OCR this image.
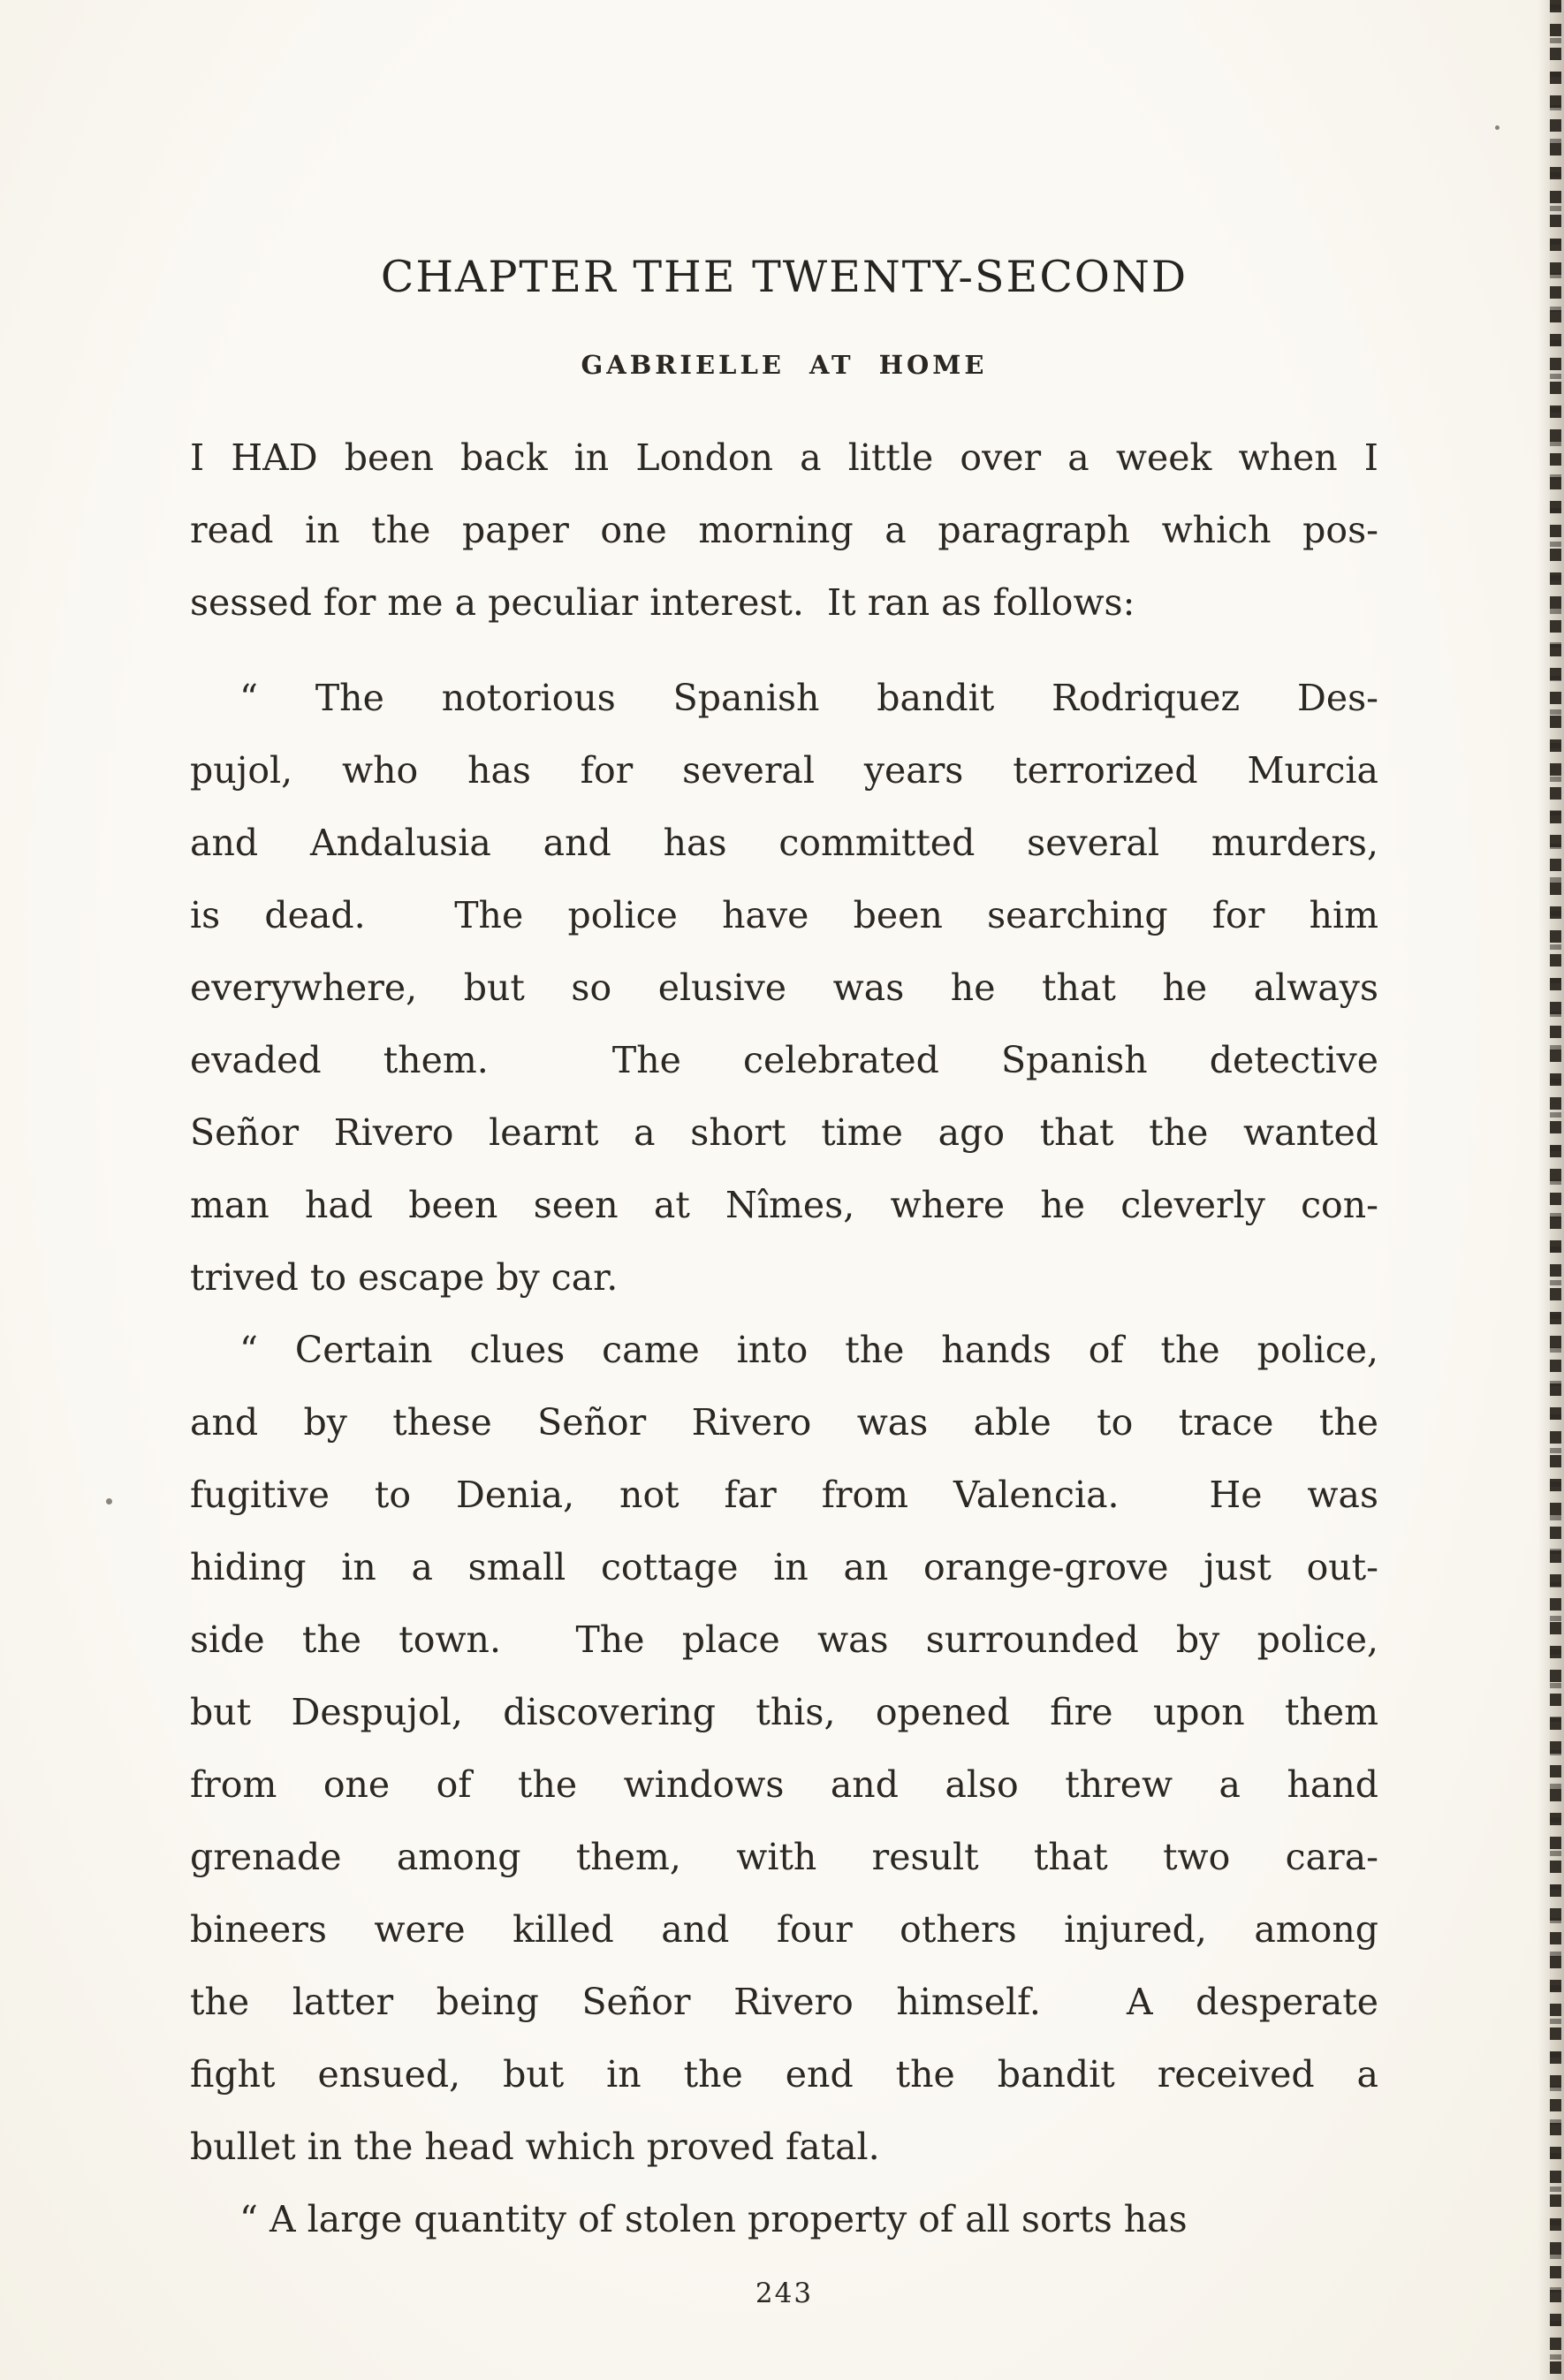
CHAPTER THE TWENTY-SECOND
GABRIELLE AT HOME
I HAD been back in London a little over a week when I
read in the paper one morning a paragraph which pos-
sessed for me a peculiar interest.  It ran as follows:
“ The notorious Spanish bandit Rodriquez Des-
pujol, who has for several years terrorized Murcia
and Andalusia and has committed several murders,
is dead.  The police have been searching for him
everywhere, but so elusive was he that he always
evaded them.  The celebrated Spanish detective
Señor Rivero learnt a short time ago that the wanted
man had been seen at Nîmes, where he cleverly con-
trived to escape by car.
“ Certain clues came into the hands of the police,
and by these Señor Rivero was able to trace the
fugitive to Denia, not far from Valencia.  He was
hiding in a small cottage in an orange-grove just out-
side the town.  The place was surrounded by police,
but Despujol, discovering this, opened fire upon them
from one of the windows and also threw a hand
grenade among them, with result that two cara-
bineers were killed and four others injured, among
the latter being Señor Rivero himself.  A desperate
fight ensued, but in the end the bandit received a
bullet in the head which proved fatal.
“ A large quantity of stolen property of all sorts has
243
